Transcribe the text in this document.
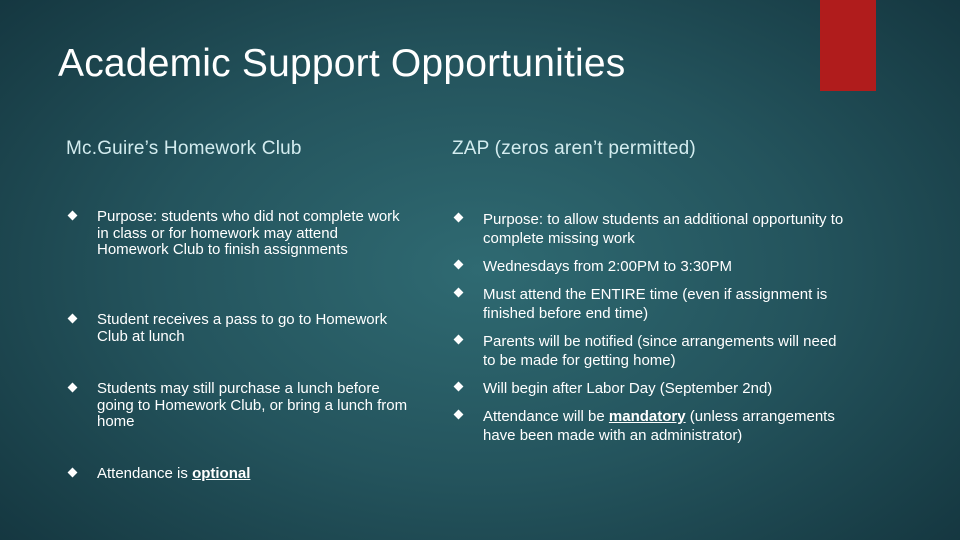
Academic Support Opportunities
Mc.Guire’s Homework Club
Purpose: students who did not complete work in class or for homework may attend Homework Club to finish assignments
Student receives a pass to go to Homework Club at lunch
Students may still purchase a lunch before going to Homework Club, or bring a lunch from home
Attendance is optional
ZAP (zeros aren’t permitted)
Purpose: to allow students an additional opportunity to complete missing work
Wednesdays from 2:00PM to 3:30PM
Must attend the ENTIRE time (even if assignment is finished before end time)
Parents will be notified (since arrangements will need to be made for getting home)
Will begin after Labor Day (September 2nd)
Attendance will be mandatory (unless arrangements have been made with an administrator)
